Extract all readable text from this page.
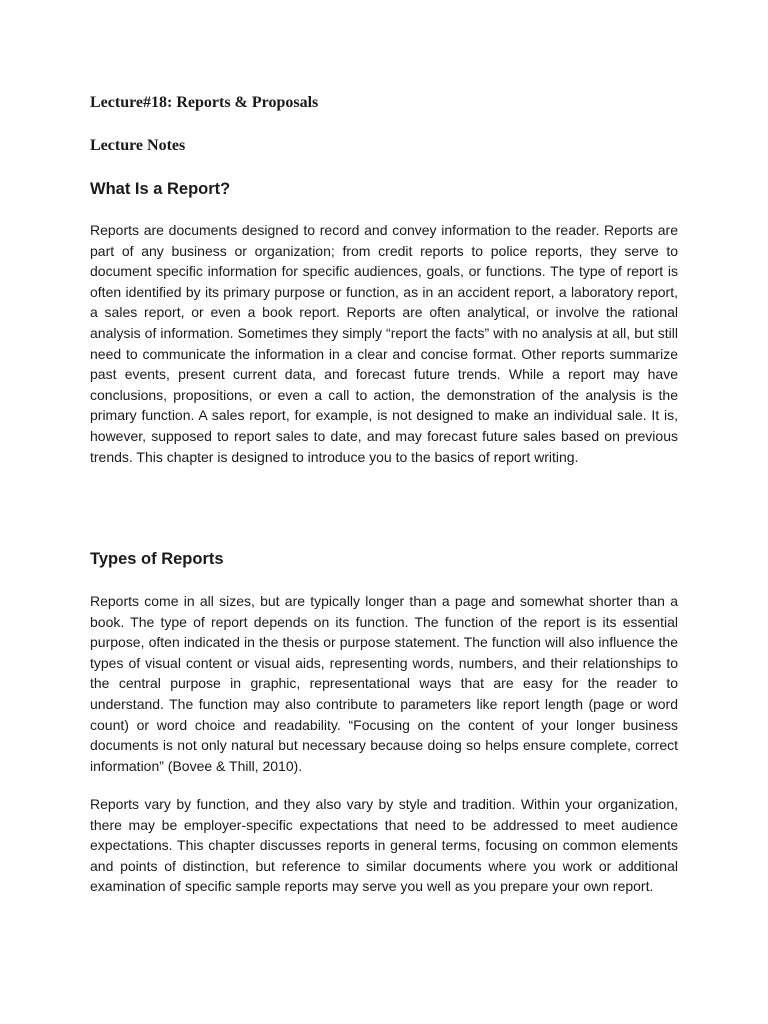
Lecture#18: Reports & Proposals

Lecture Notes

What Is a Report?

Reports are documents designed to record and convey information to the reader. Reports are part of any business or organization; from credit reports to police reports, they serve to document specific information for specific audiences, goals, or functions. The type of report is often identified by its primary purpose or function, as in an accident report, a laboratory report, a sales report, or even a book report. Reports are often analytical, or involve the rational analysis of information. Sometimes they simply “report the facts” with no analysis at all, but still need to communicate the information in a clear and concise format. Other reports summarize past events, present current data, and forecast future trends. While a report may have conclusions, propositions, or even a call to action, the demonstration of the analysis is the primary function. A sales report, for example, is not designed to make an individual sale. It is, however, supposed to report sales to date, and may forecast future sales based on previous trends. This chapter is designed to introduce you to the basics of report writing.

Types of Reports

Reports come in all sizes, but are typically longer than a page and somewhat shorter than a book. The type of report depends on its function. The function of the report is its essential purpose, often indicated in the thesis or purpose statement. The function will also influence the types of visual content or visual aids, representing words, numbers, and their relationships to the central purpose in graphic, representational ways that are easy for the reader to understand. The function may also contribute to parameters like report length (page or word count) or word choice and readability. “Focusing on the content of your longer business documents is not only natural but necessary because doing so helps ensure complete, correct information” (Bovee & Thill, 2010).

Reports vary by function, and they also vary by style and tradition. Within your organization, there may be employer-specific expectations that need to be addressed to meet audience expectations. This chapter discusses reports in general terms, focusing on common elements and points of distinction, but reference to similar documents where you work or additional examination of specific sample reports may serve you well as you prepare your own report.
